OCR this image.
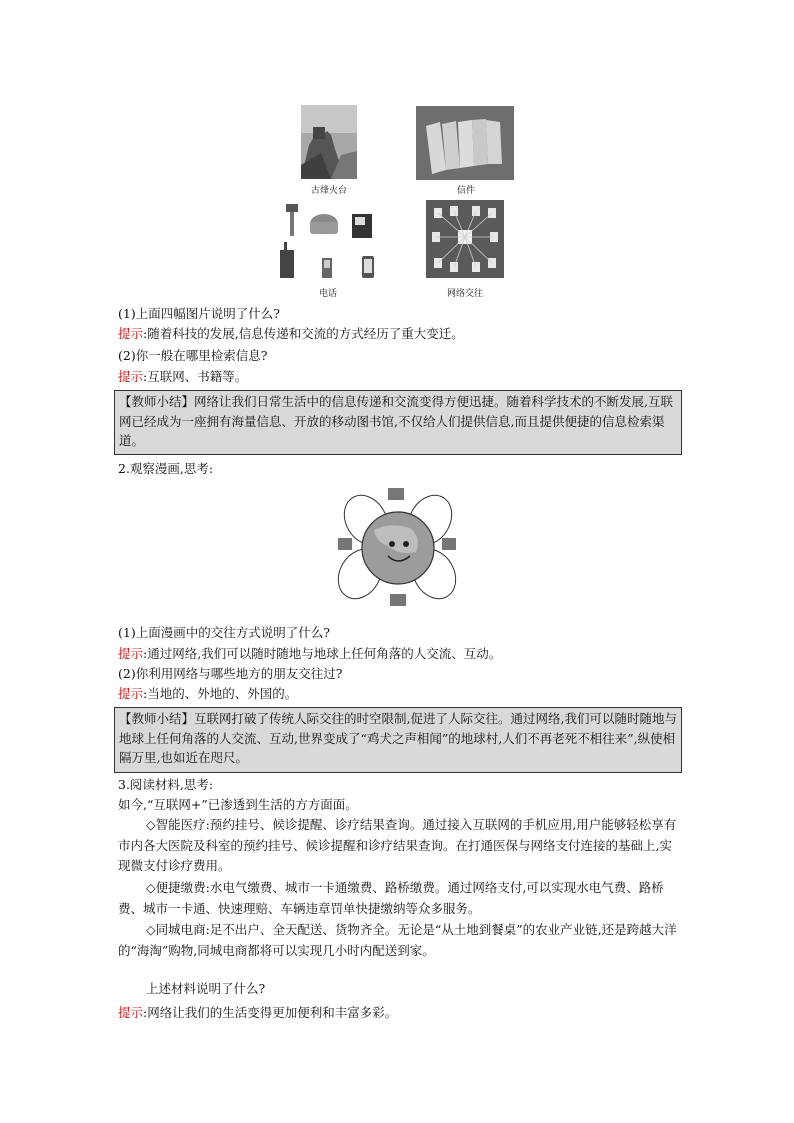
古烽火台	信件
电话	网络交往
(1)上面四幅图片说明了什么?
提示:随着科技的发展,信息传递和交流的方式经历了重大变迁。
(2)你一般在哪里检索信息?
提示:互联网、书籍等。
【教师小结】网络让我们日常生活中的信息传递和交流变得方便迅捷。随着科学技术的不断发展,互联网已经成为一座拥有海量信息、开放的移动图书馆,不仅给人们提供信息,而且提供便捷的信息检索渠道。
2.观察漫画,思考:
(1)上面漫画中的交往方式说明了什么?
提示:通过网络,我们可以随时随地与地球上任何角落的人交流、互动。
(2)你利用网络与哪些地方的朋友交往过?
提示:当地的、外地的、外国的。
【教师小结】互联网打破了传统人际交往的时空限制,促进了人际交往。通过网络,我们可以随时随地与地球上任何角落的人交流、互动,世界变成了“鸡犬之声相闻”的地球村,人们不再老死不相往来”,纵使相隔万里,也如近在咫尺。
3.阅读材料,思考:
如今,“互联网+”已渗透到生活的方方面面。
◇智能医疗:预约挂号、候诊提醒、诊疗结果查询。通过接入互联网的手机应用,用户能够轻松享有市内各大医院及科室的预约挂号、候诊提醒和诊疗结果查询。在打通医保与网络支付连接的基础上,实现微支付诊疗费用。
◇便捷缴费:水电气缴费、城市一卡通缴费、路桥缴费。通过网络支付,可以实现水电气费、路桥费、城市一卡通、快速理赔、车辆违章罚单快捷缴纳等众多服务。
◇同城电商:足不出户、全天配送、货物齐全。无论是“从土地到餐桌”的农业产业链,还是跨越大洋的“海淘”购物,同城电商都将可以实现几小时内配送到家。
上述材料说明了什么?
提示:网络让我们的生活变得更加便利和丰富多彩。
